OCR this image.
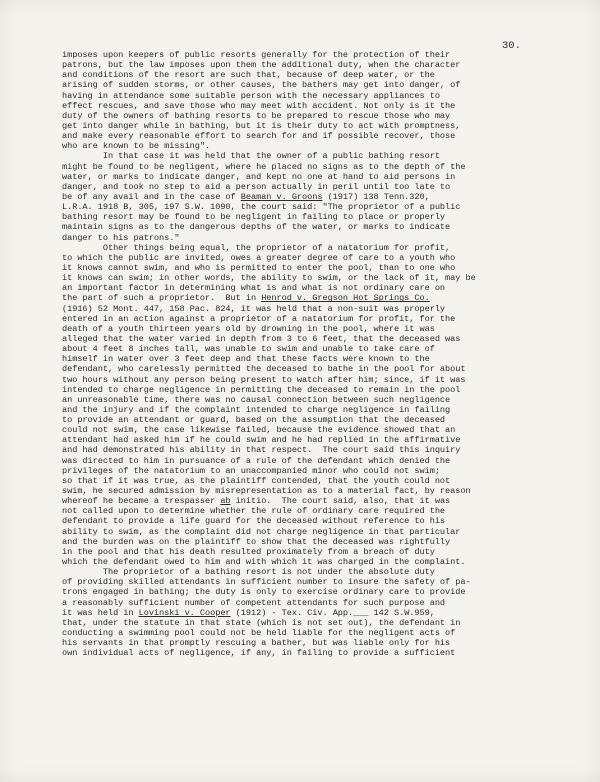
30.
imposes upon keepers of public resorts generally for the protection of their
patrons, but the law imposes upon them the additional duty, when the character
and conditions of the resort are such that, because of deep water, or the
arising of sudden storms, or other causes, the bathers may get into danger, of
having in attendance some suitable person with the necessary appliances to
effect rescues, and save those who may meet with accident. Not only is it the
duty of the owners of bathing resorts to be prepared to rescue those who may
get into danger while in bathing, but it is their duty to act with promptness,
and make every reasonable effort to search for and if possible recover, those
who are known to be missing".
In that case it was held that the owner of a public bathing resort
might be found to be negligent, where he placed no signs as to the depth of the
water, or marks to indicate danger, and kept no one at hand to aid persons in
danger, and took no step to aid a person actually in peril until too late to
be of any avail and in the case of Beaman v. Groons (1917) 138 Tenn.320,
L.R.A. 1918 B, 305, 197 S.W. 1090, the court said: "The proprietor of a public
bathing resort may be found to be negligent in failing to place or properly
maintain signs as to the dangerous depths of the water, or marks to indicate
danger to his patrons."
Other things being equal, the proprietor of a natatorium for profit,
to which the public are invited, owes a greater degree of care to a youth who
it knows cannot swim, and who is permitted to enter the pool, than to one who
it knows can swim; in other words, the ability to swim, or the lack of it, may be
an important factor in determining what is and what is not ordinary care on
the part of such a proprietor.  But in Henrod v. Gregson Hot Springs Co.
(1916) 52 Mont. 447, 158 Pac. 824, it was held that a non-suit was properly
entered in an action against a proprietor of a natatorium for profit, for the
death of a youth thirteen years old by drowning in the pool, where it was
alleged that the water varied in depth from 3 to 6 feet, that the deceased was
about 4 feet 8 inches tall, was unable to swim and unable to take care of
himself in water over 3 feet deep and that these facts were known to the
defendant, who carelessly permitted the deceased to bathe in the pool for about
two hours without any person being present to watch after him; since, if it was
intended to charge negligence in permitting the deceased to remain in the pool
an unreasonable time, there was no causal connection between such negligence
and the injury and if the complaint intended to charge negligence in failing
to provide an attendant or guard, based on the assumption that the deceased
could not swim, the case likewise failed, because the evidence showed that an
attendant had asked him if he could swim and he had replied in the affirmative
and had demonstrated his ability in that respect.  The court said this inquiry
was directed to him in pursuance of a rule of the defendant which denied the
privileges of the natatorium to an unaccompanied minor who could not swim;
so that if it was true, as the plaintiff contended, that the youth could not
swim, he secured admission by misrepresentation as to a material fact, by reason
whereof he became a trespasser ab initio.  The court said, also, that it was
not called upon to determine whether the rule of ordinary care required the
defendant to provide a life guard for the deceased without reference to his
ability to swim, as the complaint did not charge negligence in that particular
and the burden was on the plaintiff to show that the deceased was rightfully
in the pool and that his death resulted proximately from a breach of duty
which the defendant owed to him and with which it was charged in the complaint.
The proprietor of a bathing resort is not under the absolute duty
of providing skilled attendants in sufficient number to insure the safety of pa-
trons engaged in bathing; the duty is only to exercise ordinary care to provide
a reasonably sufficient number of competent attendants for such purpose and
it was held in Lovinski v. Cooper (1912) - Tex. Civ. App.___ 142 S.W.959,
that, under the statute in that state (which is not set out), the defendant in
conducting a swimming pool could not be held liable for the negligent acts of
his servants in that promptly rescuing a bather, but was liable only for his
own individual acts of negligence, if any, in failing to provide a sufficient
